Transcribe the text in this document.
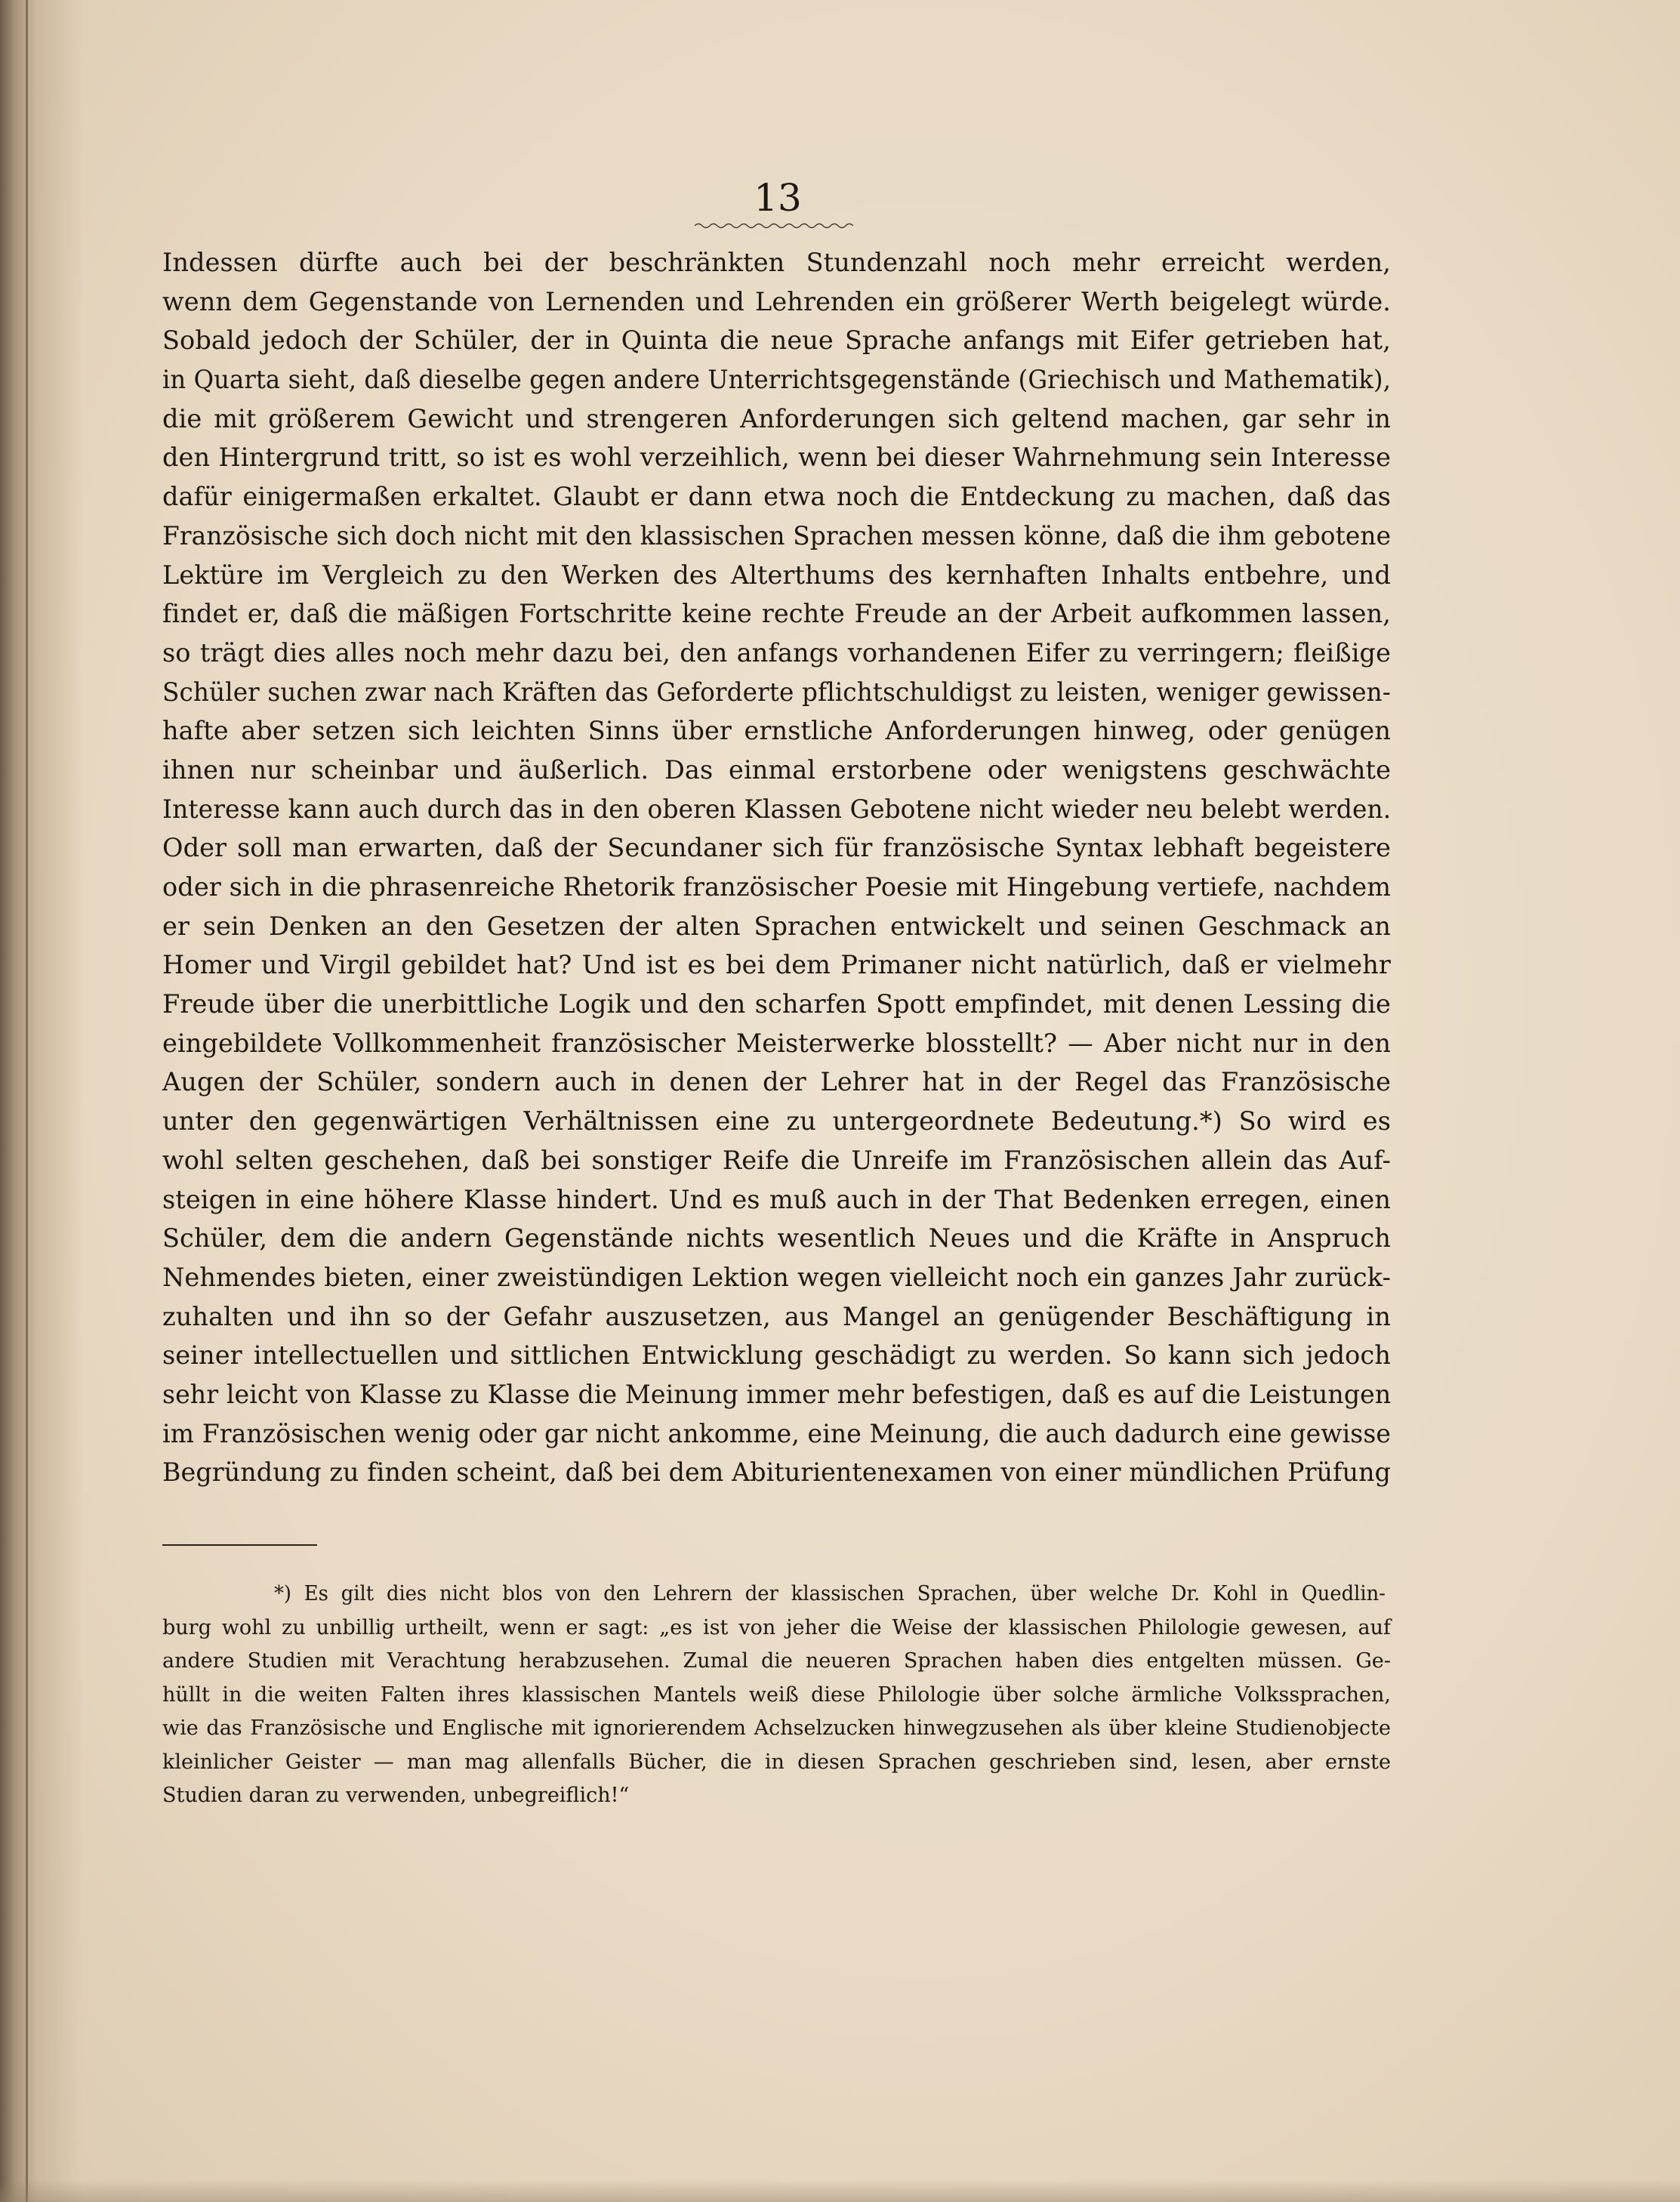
13
Indessen dürfte auch bei der beschränkten Stundenzahl noch mehr erreicht werden,
wenn dem Gegenstande von Lernenden und Lehrenden ein größerer Werth beigelegt würde.
Sobald jedoch der Schüler, der in Quinta die neue Sprache anfangs mit Eifer getrieben hat,
in Quarta sieht, daß dieselbe gegen andere Unterrichtsgegenstände (Griechisch und Mathematik),
die mit größerem Gewicht und strengeren Anforderungen sich geltend machen, gar sehr in
den Hintergrund tritt, so ist es wohl verzeihlich, wenn bei dieser Wahrnehmung sein Interesse
dafür einigermaßen erkaltet. Glaubt er dann etwa noch die Entdeckung zu machen, daß das
Französische sich doch nicht mit den klassischen Sprachen messen könne, daß die ihm gebotene
Lektüre im Vergleich zu den Werken des Alterthums des kernhaften Inhalts entbehre, und
findet er, daß die mäßigen Fortschritte keine rechte Freude an der Arbeit aufkommen lassen,
so trägt dies alles noch mehr dazu bei, den anfangs vorhandenen Eifer zu verringern; fleißige
Schüler suchen zwar nach Kräften das Geforderte pflichtschuldigst zu leisten, weniger gewissen-
hafte aber setzen sich leichten Sinns über ernstliche Anforderungen hinweg, oder genügen
ihnen nur scheinbar und äußerlich. Das einmal erstorbene oder wenigstens geschwächte
Interesse kann auch durch das in den oberen Klassen Gebotene nicht wieder neu belebt werden.
Oder soll man erwarten, daß der Secundaner sich für französische Syntax lebhaft begeistere
oder sich in die phrasenreiche Rhetorik französischer Poesie mit Hingebung vertiefe, nachdem
er sein Denken an den Gesetzen der alten Sprachen entwickelt und seinen Geschmack an
Homer und Virgil gebildet hat? Und ist es bei dem Primaner nicht natürlich, daß er vielmehr
Freude über die unerbittliche Logik und den scharfen Spott empfindet, mit denen Lessing die
eingebildete Vollkommenheit französischer Meisterwerke blosstellt? — Aber nicht nur in den
Augen der Schüler, sondern auch in denen der Lehrer hat in der Regel das Französische
unter den gegenwärtigen Verhältnissen eine zu untergeordnete Bedeutung.*) So wird es
wohl selten geschehen, daß bei sonstiger Reife die Unreife im Französischen allein das Auf-
steigen in eine höhere Klasse hindert. Und es muß auch in der That Bedenken erregen, einen
Schüler, dem die andern Gegenstände nichts wesentlich Neues und die Kräfte in Anspruch
Nehmendes bieten, einer zweistündigen Lektion wegen vielleicht noch ein ganzes Jahr zurück-
zuhalten und ihn so der Gefahr auszusetzen, aus Mangel an genügender Beschäftigung in
seiner intellectuellen und sittlichen Entwicklung geschädigt zu werden. So kann sich jedoch
sehr leicht von Klasse zu Klasse die Meinung immer mehr befestigen, daß es auf die Leistungen
im Französischen wenig oder gar nicht ankomme, eine Meinung, die auch dadurch eine gewisse
Begründung zu finden scheint, daß bei dem Abiturientenexamen von einer mündlichen Prüfung
*) Es gilt dies nicht blos von den Lehrern der klassischen Sprachen, über welche Dr. Kohl in Quedlin-
burg wohl zu unbillig urtheilt, wenn er sagt: „es ist von jeher die Weise der klassischen Philologie gewesen, auf
andere Studien mit Verachtung herabzusehen. Zumal die neueren Sprachen haben dies entgelten müssen. Ge-
hüllt in die weiten Falten ihres klassischen Mantels weiß diese Philologie über solche ärmliche Volkssprachen,
wie das Französische und Englische mit ignorierendem Achselzucken hinwegzusehen als über kleine Studienobjecte
kleinlicher Geister — man mag allenfalls Bücher, die in diesen Sprachen geschrieben sind, lesen, aber ernste
Studien daran zu verwenden, unbegreiflich!“
